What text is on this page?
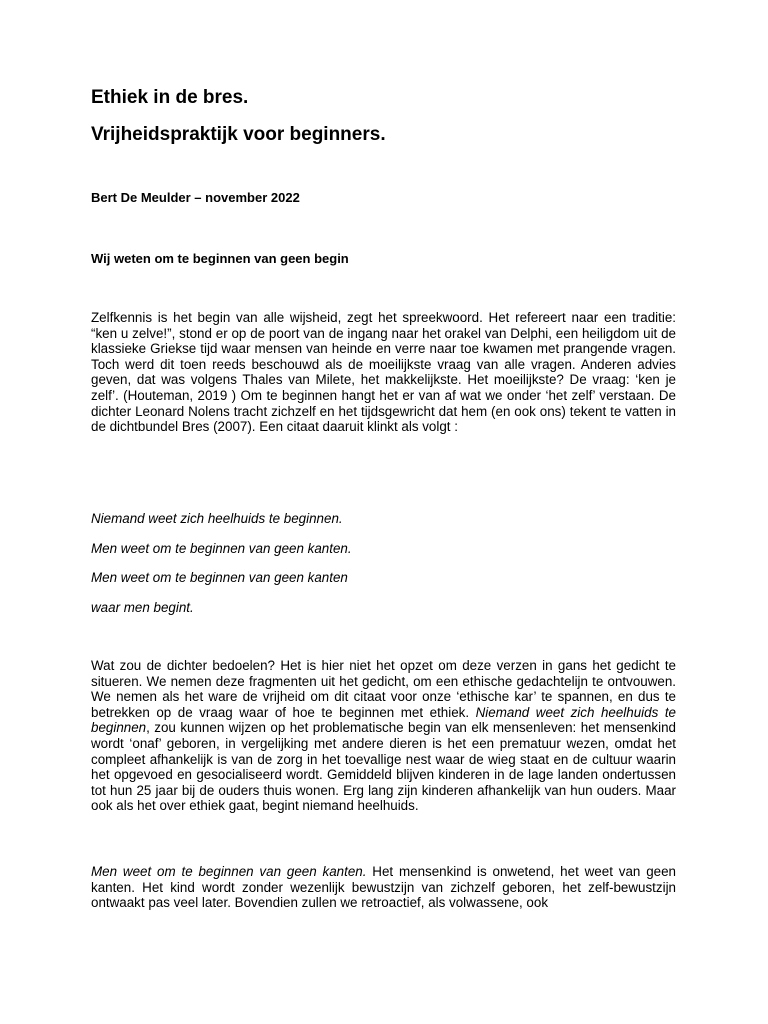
Ethiek in de bres.
Vrijheidspraktijk voor beginners.

Bert De Meulder – november 2022

Wij weten om te beginnen van geen begin

Zelfkennis is het begin van alle wijsheid, zegt het spreekwoord. Het refereert naar een traditie: “ken u zelve!”, stond er op de poort van de ingang naar het orakel van Delphi, een heiligdom uit de klassieke Griekse tijd waar mensen van heinde en verre naar toe kwamen met prangende vragen. Toch werd dit toen reeds beschouwd als de moeilijkste vraag van alle vragen. Anderen advies geven, dat was volgens Thales van Milete, het makkelijkste. Het moeilijkste? De vraag: ‘ken je zelf’. (Houteman, 2019 ) Om te beginnen hangt het er van af wat we onder ‘het zelf’ verstaan. De dichter Leonard Nolens tracht zichzelf en het tijdsgewricht dat hem (en ook ons) tekent te vatten in de dichtbundel Bres (2007). Een citaat daaruit klinkt als volgt :

Niemand weet zich heelhuids te beginnen.

Men weet om te beginnen van geen kanten.

Men weet om te beginnen van geen kanten

waar men begint.

Wat zou de dichter bedoelen? Het is hier niet het opzet om deze verzen in gans het gedicht te situeren. We nemen deze fragmenten uit het gedicht, om een ethische gedachtelijn te ontvouwen. We nemen als het ware de vrijheid om dit citaat voor onze ‘ethische kar’ te spannen, en dus te betrekken op de vraag waar of hoe te beginnen met ethiek. Niemand weet zich heelhuids te beginnen, zou kunnen wijzen op het problematische begin van elk mensenleven: het mensenkind wordt ‘onaf’ geboren, in vergelijking met andere dieren is het een prematuur wezen, omdat het compleet afhankelijk is van de zorg in het toevallige nest waar de wieg staat en de cultuur waarin het opgevoed en gesocialiseerd wordt. Gemiddeld blijven kinderen in de lage landen ondertussen tot hun 25 jaar bij de ouders thuis wonen. Erg lang zijn kinderen afhankelijk van hun ouders. Maar ook als het over ethiek gaat, begint niemand heelhuids.

Men weet om te beginnen van geen kanten. Het mensenkind is onwetend, het weet van geen kanten. Het kind wordt zonder wezenlijk bewustzijn van zichzelf geboren, het zelf-bewustzijn ontwaakt pas veel later. Bovendien zullen we retroactief, als volwassene, ook
